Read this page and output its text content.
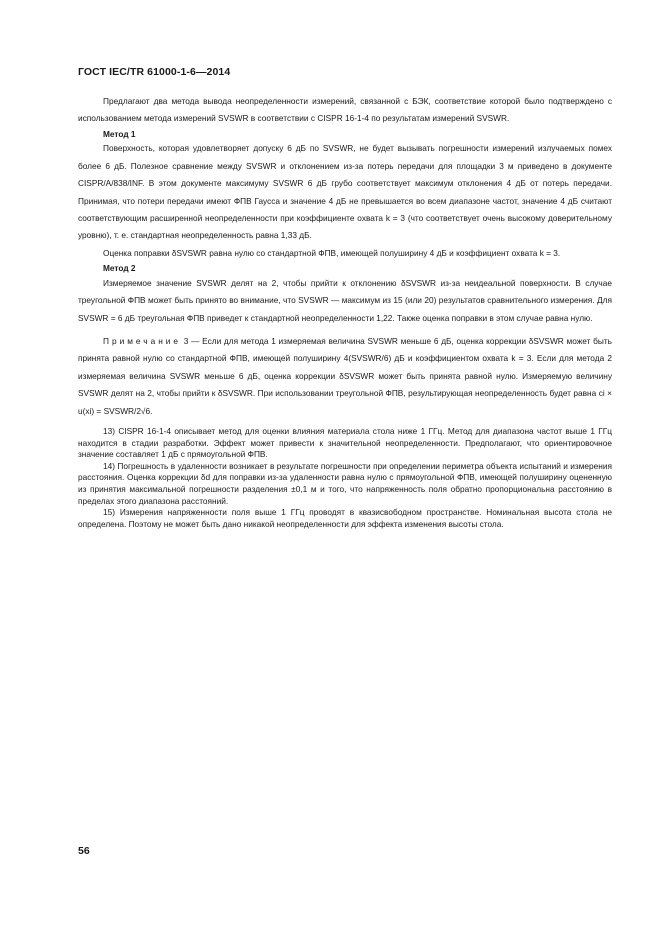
ГОСТ IEC/TR 61000-1-6—2014

Предлагают два метода вывода неопределенности измерений, связанной с БЭК, соответствие которой было подтверждено с использованием метода измерений SVSWR в соответствии с CISPR 16-1-4 по результатам измерений SVSWR.

Метод 1

Поверхность, которая удовлетворяет допуску 6 дБ по SVSWR, не будет вызывать погрешности измерений излучаемых помех более 6 дБ. Полезное сравнение между SVSWR и отклонением из-за потерь передачи для площадки 3 м приведено в документе CISPR/A/838/INF. В этом документе максимуму SVSWR 6 дБ грубо соответствует максимум отклонения 4 дБ от потерь передачи. Принимая, что потери передачи имеют ФПВ Гаусса и значение 4 дБ не превышается во всем диапазоне частот, значение 4 дБ считают соответствующим расширенной неопределенности при коэффициенте охвата k = 3 (что соответствует очень высокому доверительному уровню), т. е. стандартная неопределенность равна 1,33 дБ.

Оценка поправки δSVSWR равна нулю со стандартной ФПВ, имеющей полуширину 4 дБ и коэффициент охвата k = 3.

Метод 2

Измеряемое значение SVSWR делят на 2, чтобы прийти к отклонению δSVSWR из-за неидеальной поверхности. В случае треугольной ФПВ может быть принято во внимание, что SVSWR — максимум из 15 (или 20) результатов сравнительного измерения. Для SVSWR = 6 дБ треугольная ФПВ приведет к стандартной неопределенности 1,22. Также оценка поправки в этом случае равна нулю.

Примечание 3 — Если для метода 1 измеряемая величина SVSWR меньше 6 дБ, оценка коррекции δSVSWR может быть принята равной нулю со стандартной ФПВ, имеющей полуширину 4(SVSWR/6) дБ и коэффициентом охвата k = 3. Если для метода 2 измеряемая величина SVSWR меньше 6 дБ, оценка коррекции δSVSWR может быть принята равной нулю. Измеряемую величину SVSWR делят на 2, чтобы прийти к δSVSWR. При использовании треугольной ФПВ, результирующая неопределенность будет равна ci × u(xi) = SVSWR/2√6.

13) CISPR 16-1-4 описывает метод для оценки влияния материала стола ниже 1 ГГц. Метод для диапазона частот выше 1 ГГц находится в стадии разработки. Эффект может привести к значительной неопределенности. Предполагают, что ориентировочное значение составляет 1 дБ с прямоугольной ФПВ.

14) Погрешность в удаленности возникает в результате погрешности при определении периметра объекта испытаний и измерения расстояния. Оценка коррекции δd для поправки из-за удаленности равна нулю с прямоугольной ФПВ, имеющей полуширину оцененную из принятия максимальной погрешности разделения ±0,1 м и того, что напряженность поля обратно пропорциональна расстоянию в пределах этого диапазона расстояний.

15) Измерения напряженности поля выше 1 ГГц проводят в квазисвободном пространстве. Номинальная высота стола не определена. Поэтому не может быть дано никакой неопределенности для эффекта изменения высоты стола.

56
